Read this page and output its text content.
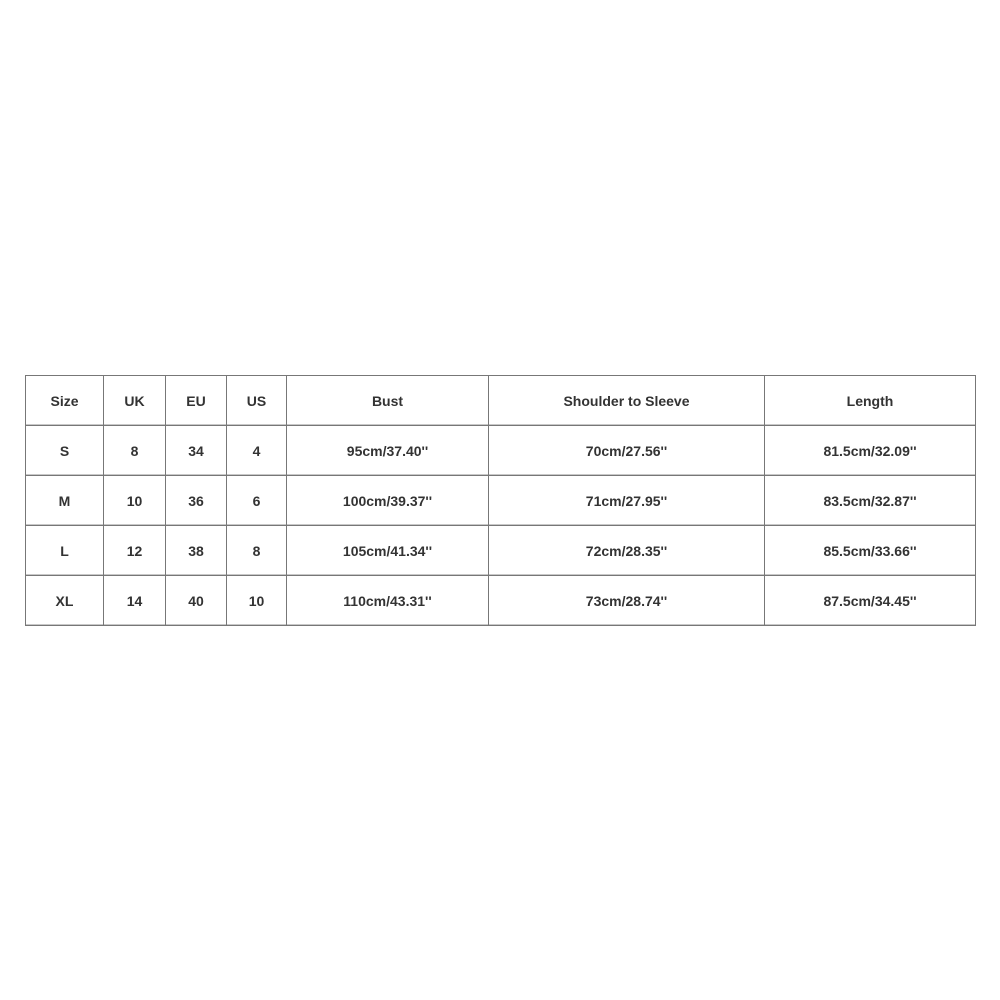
Size	UK	EU	US	Bust	Shoulder to Sleeve	Length
S	8	34	4	95cm/37.40''	70cm/27.56''	81.5cm/32.09''
M	10	36	6	100cm/39.37''	71cm/27.95''	83.5cm/32.87''
L	12	38	8	105cm/41.34''	72cm/28.35''	85.5cm/33.66''
XL	14	40	10	110cm/43.31''	73cm/28.74''	87.5cm/34.45''
